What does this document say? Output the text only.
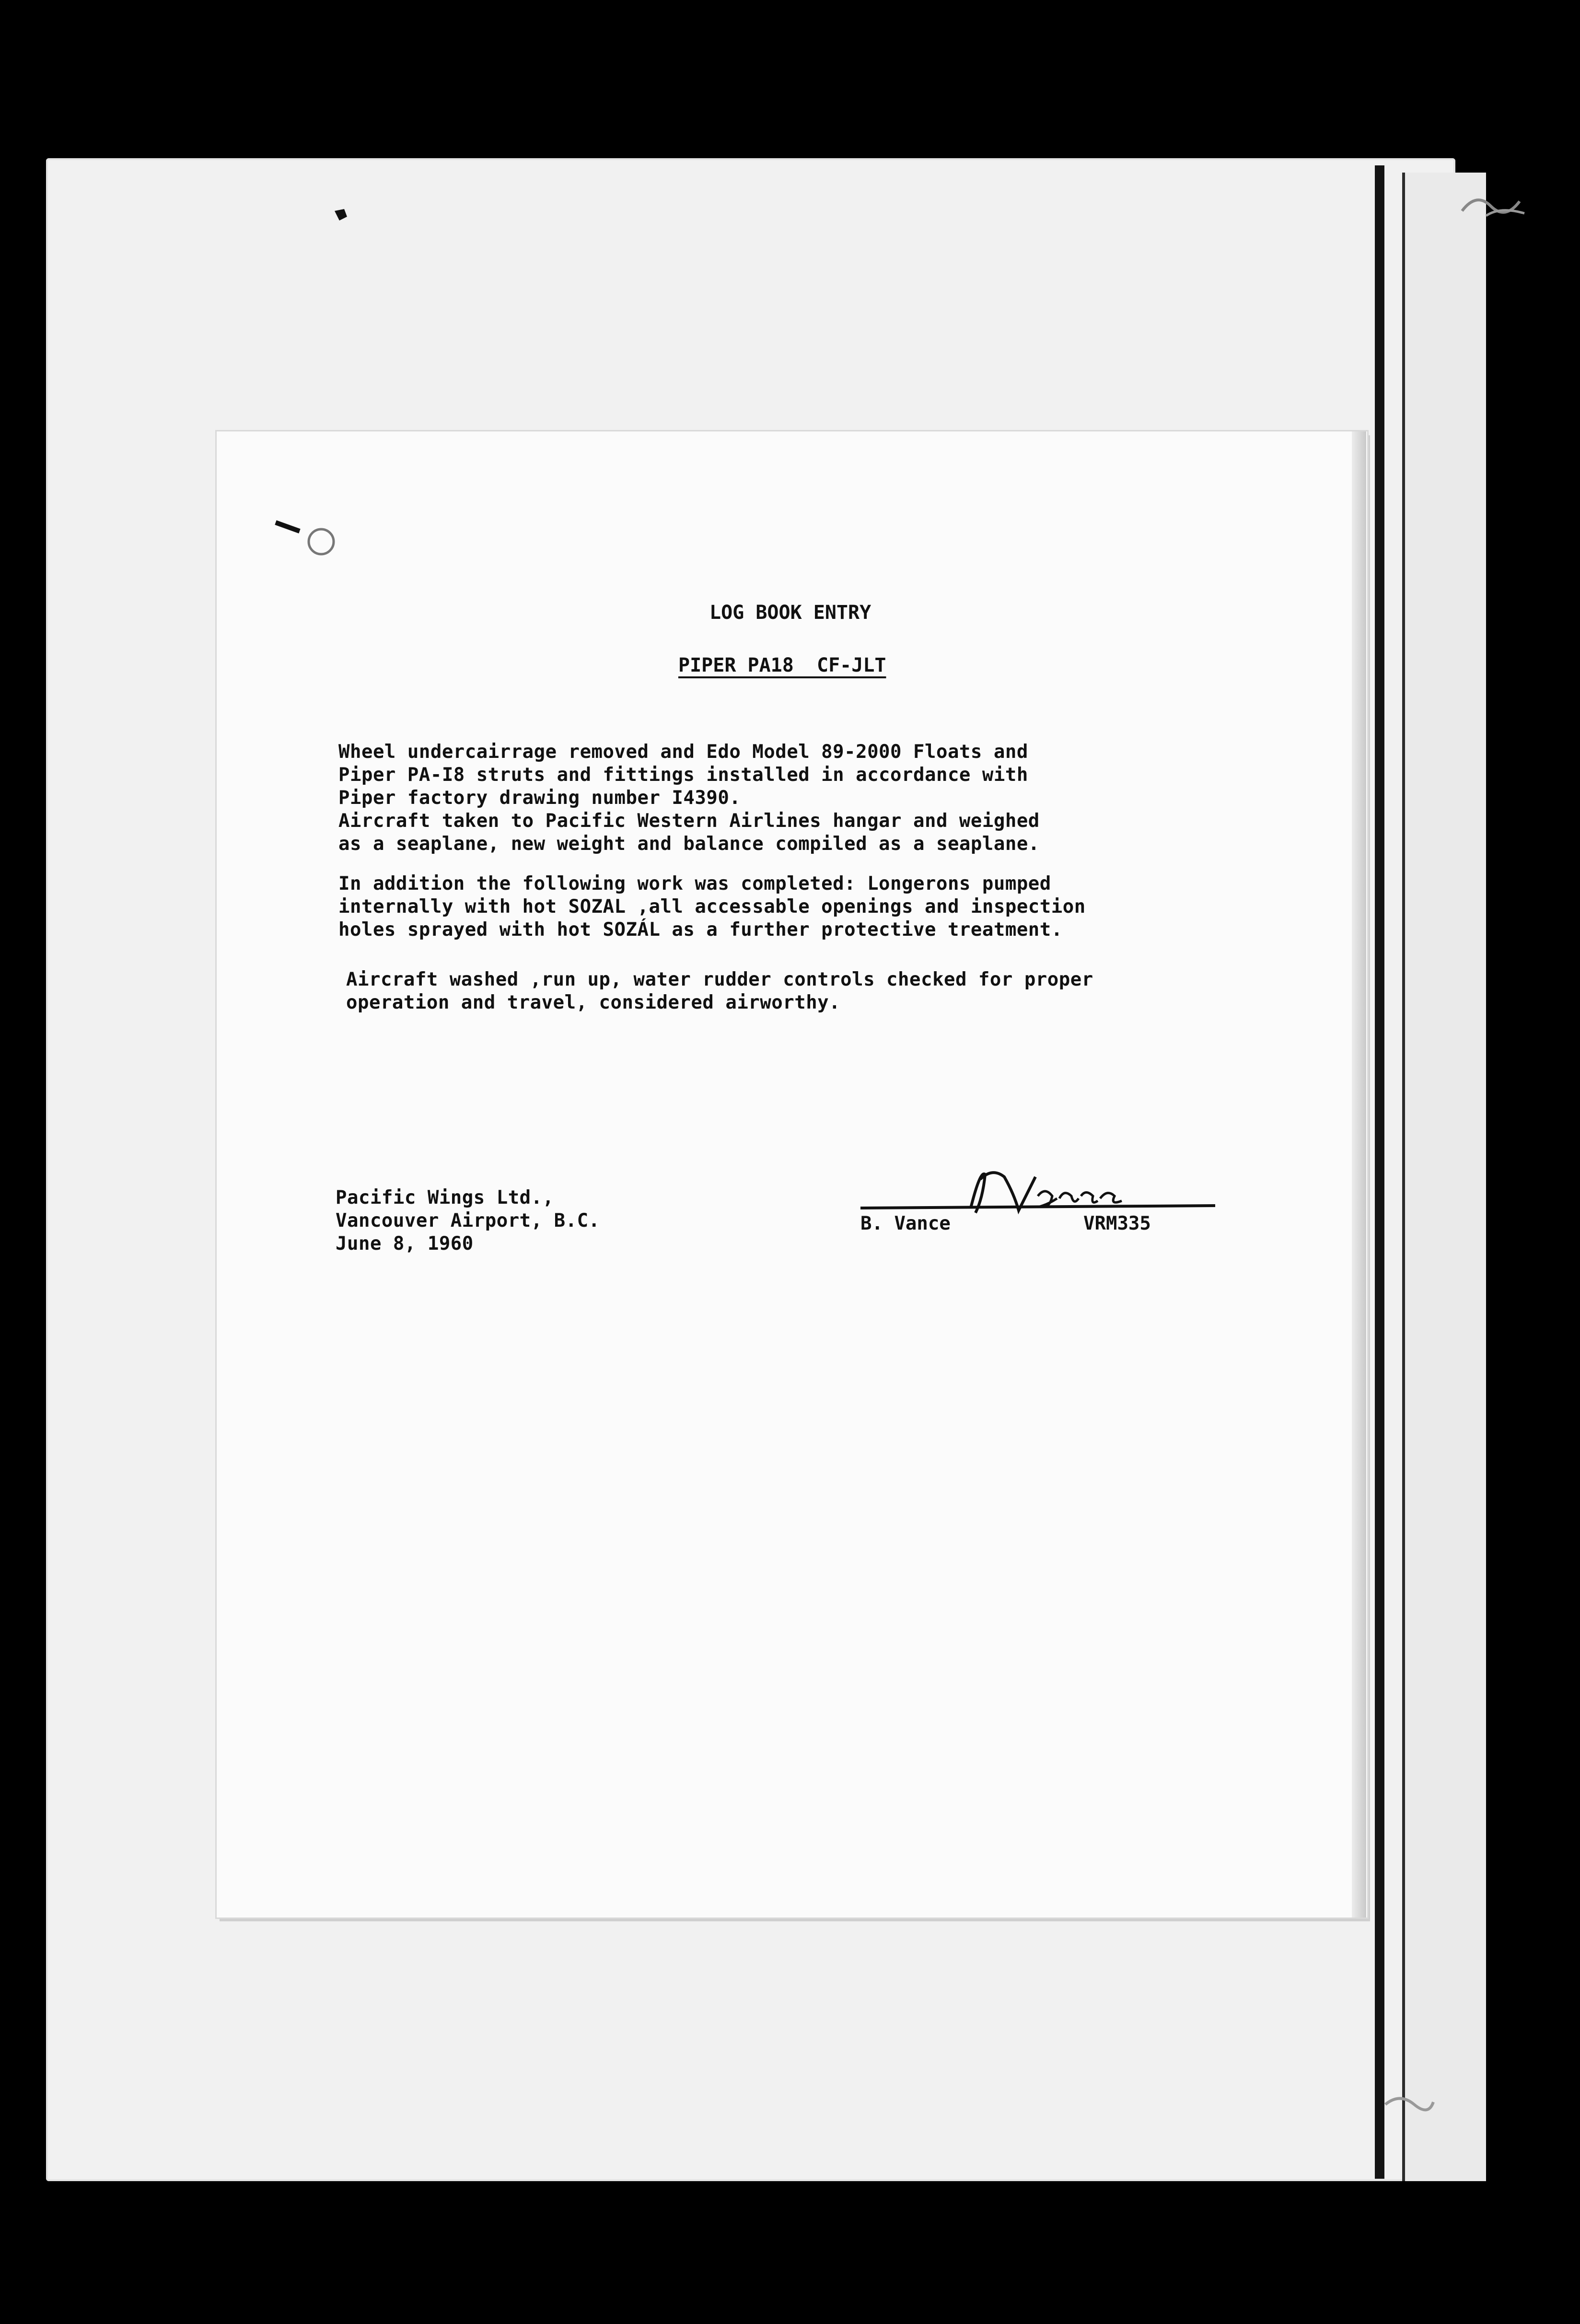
LOG BOOK ENTRY
PIPER PA18  CF-JLT
Wheel undercairrage removed and Edo Model 89-2000 Floats and
Piper PA-I8 struts and fittings installed in accordance with
Piper factory drawing number I4390.
Aircraft taken to Pacific Western Airlines hangar and weighed
as a seaplane, new weight and balance compiled as a seaplane.
In addition the following work was completed: Longerons pumped
internally with hot SOZAL ,all accessable openings and inspection
holes sprayed with hot SOZÁL as a further protective treatment.
Aircraft washed ,run up, water rudder controls checked for proper
operation and travel, considered airworthy.
Pacific Wings Ltd.,
Vancouver Airport, B.C.
June 8, 1960
B. Vance	VRM335
